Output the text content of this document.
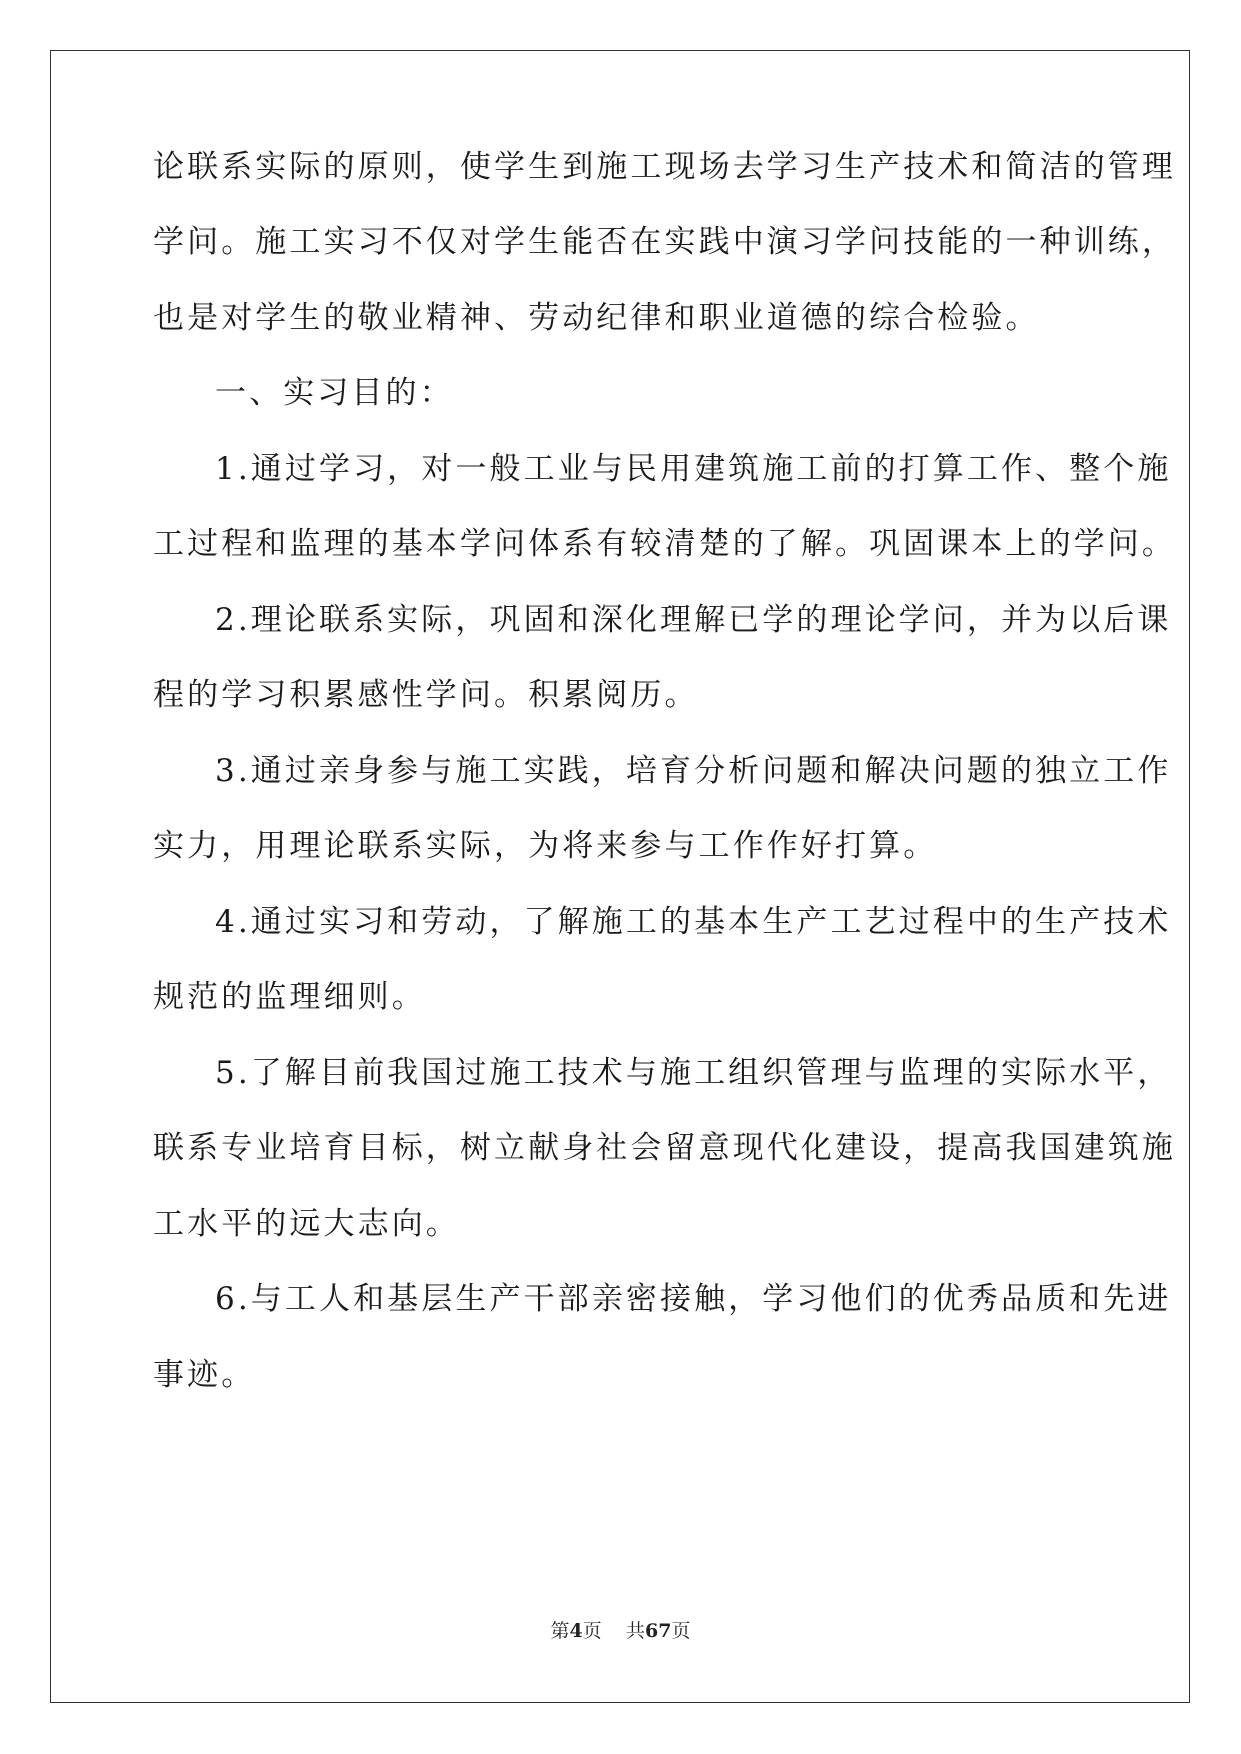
论联系实际的原则，使学生到施工现场去学习生产技术和简洁的管理
学问。施工实习不仅对学生能否在实践中演习学问技能的一种训练，
也是对学生的敬业精神、劳动纪律和职业道德的综合检验。
一、实习目的：
1.通过学习，对一般工业与民用建筑施工前的打算工作、整个施
工过程和监理的基本学问体系有较清楚的了解。巩固课本上的学问。
2.理论联系实际，巩固和深化理解已学的理论学问，并为以后课
程的学习积累感性学问。积累阅历。
3.通过亲身参与施工实践，培育分析问题和解决问题的独立工作
实力，用理论联系实际，为将来参与工作作好打算。
4.通过实习和劳动，了解施工的基本生产工艺过程中的生产技术
规范的监理细则。
5.了解目前我国过施工技术与施工组织管理与监理的实际水平，
联系专业培育目标，树立献身社会留意现代化建设，提高我国建筑施
工水平的远大志向。
6.与工人和基层生产干部亲密接触，学习他们的优秀品质和先进
事迹。
第4页 共67页
